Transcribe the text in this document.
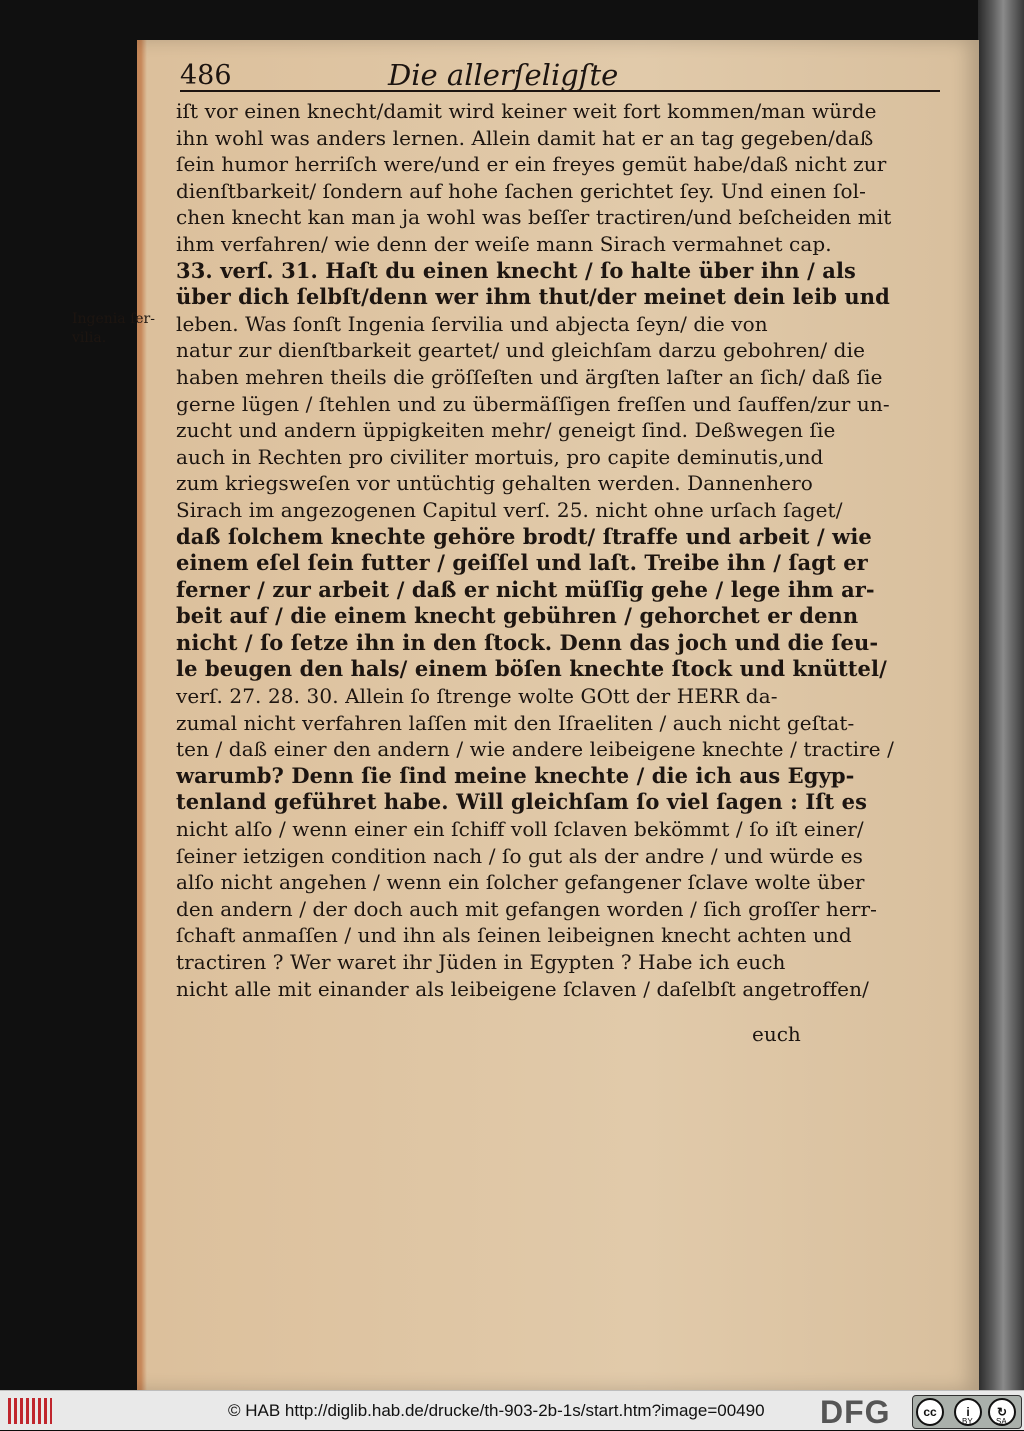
486	Die allerſeligſte
Ingenia ſer-vilia.
iſt vor einen knecht/damit wird keiner weit fort kommen/man würde
ihn wohl was anders lernen. Allein damit hat er an tag gegeben/daß
ſein humor herriſch were/und er ein freyes gemüt habe/daß nicht zur
dienſtbarkeit/ ſondern auf hohe ſachen gerichtet ſey. Und einen ſol-
chen knecht kan man ja wohl was beſſer tractiren/und beſcheiden mit
ihm verfahren/ wie denn der weiſe mann Sirach vermahnet cap.
33. verſ. 31. Haſt du einen knecht / ſo halte über ihn / als
über dich ſelbſt/denn wer ihm thut/der meinet dein leib und
leben. Was ſonſt Ingenia ſervilia und abjecta ſeyn/ die von
natur zur dienſtbarkeit geartet/ und gleichſam darzu gebohren/ die
haben mehren theils die gröſſeſten und ärgſten laſter an ſich/ daß ſie
gerne lügen / ſtehlen und zu übermäſſigen freſſen und ſauffen/zur un-
zucht und andern üppigkeiten mehr/ geneigt ſind. Deßwegen ſie
auch in Rechten pro civiliter mortuis, pro capite deminutis,und
zum kriegsweſen vor untüchtig gehalten werden. Dannenhero
Sirach im angezogenen Capitul verſ. 25. nicht ohne urſach ſaget/
daß ſolchem knechte gehöre brodt/ ſtraffe und arbeit / wie
einem eſel ſein futter / geiſſel und laſt. Treibe ihn / ſagt er
ferner / zur arbeit / daß er nicht müſſig gehe / lege ihm ar-
beit auf / die einem knecht gebühren / gehorchet er denn
nicht / ſo ſetze ihn in den ſtock. Denn das joch und die ſeu-
le beugen den hals/ einem böſen knechte ſtock und knüttel/
verſ. 27. 28. 30. Allein ſo ſtrenge wolte GOtt der HERR da-
zumal nicht verfahren laſſen mit den Iſraeliten / auch nicht geſtat-
ten / daß einer den andern / wie andere leibeigene knechte / tractire /
warumb? Denn ſie ſind meine knechte / die ich aus Egyp-
tenland geführet habe. Will gleichſam ſo viel ſagen : Iſt es
nicht alſo / wenn einer ein ſchiff voll ſclaven bekömmt / ſo iſt einer/
ſeiner ietzigen condition nach / ſo gut als der andre / und würde es
alſo nicht angehen / wenn ein ſolcher gefangener ſclave wolte über
den andern / der doch auch mit gefangen worden / ſich groſſer herr-
ſchaft anmaſſen / und ihn als ſeinen leibeignen knecht achten und
tractiren ? Wer waret ihr Jüden in Egypten ? Habe ich euch
nicht alle mit einander als leibeigene ſclaven / daſelbſt angetroffen/
euch
© HAB http://diglib.hab.de/drucke/th-903-2b-1s/start.htm?image=00490 DFG	cc	i	↻
BY	SA
